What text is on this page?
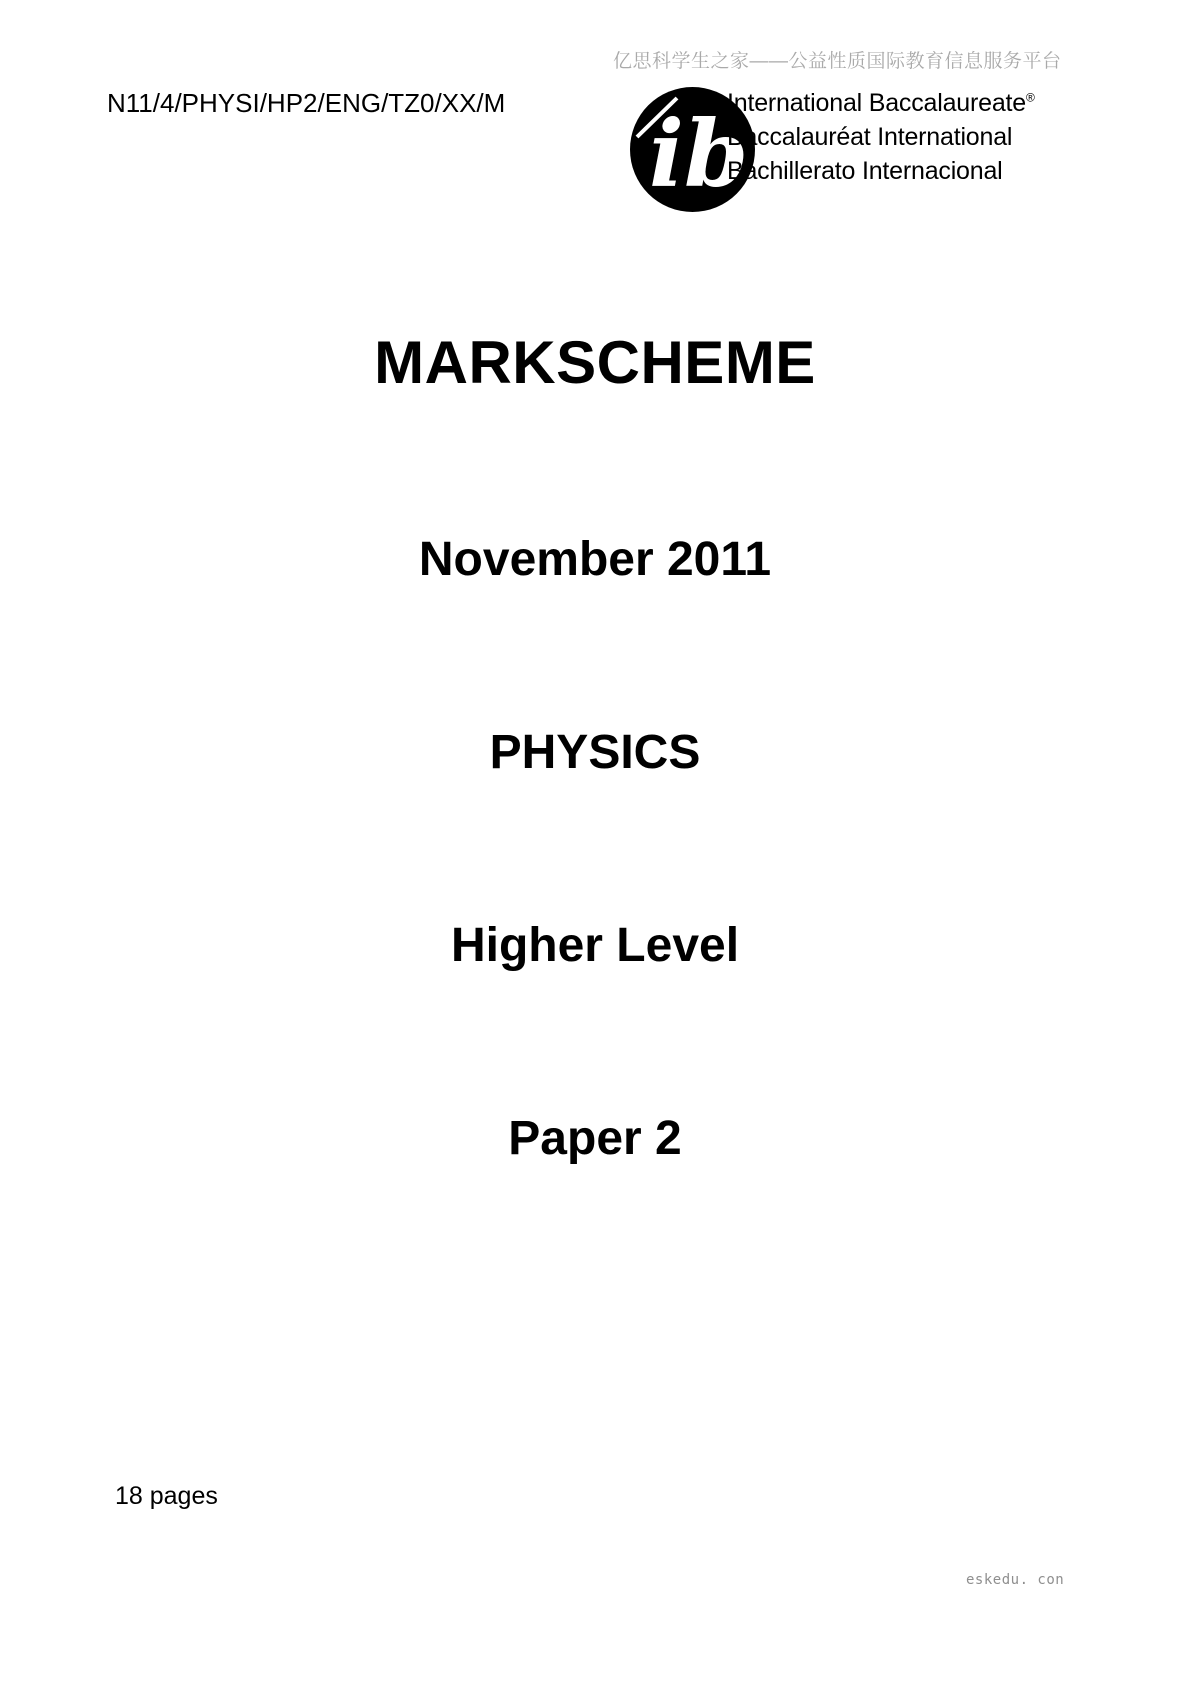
亿思科学生之家——公益性质国际教育信息服务平台
N11/4/PHYSI/HP2/ENG/TZ0/XX/M ib
International Baccalaureate®
Baccalauréat International
Bachillerato Internacional
MARKSCHEME
November 2011
PHYSICS
Higher Level
Paper 2
18 pages
eskedu. con
